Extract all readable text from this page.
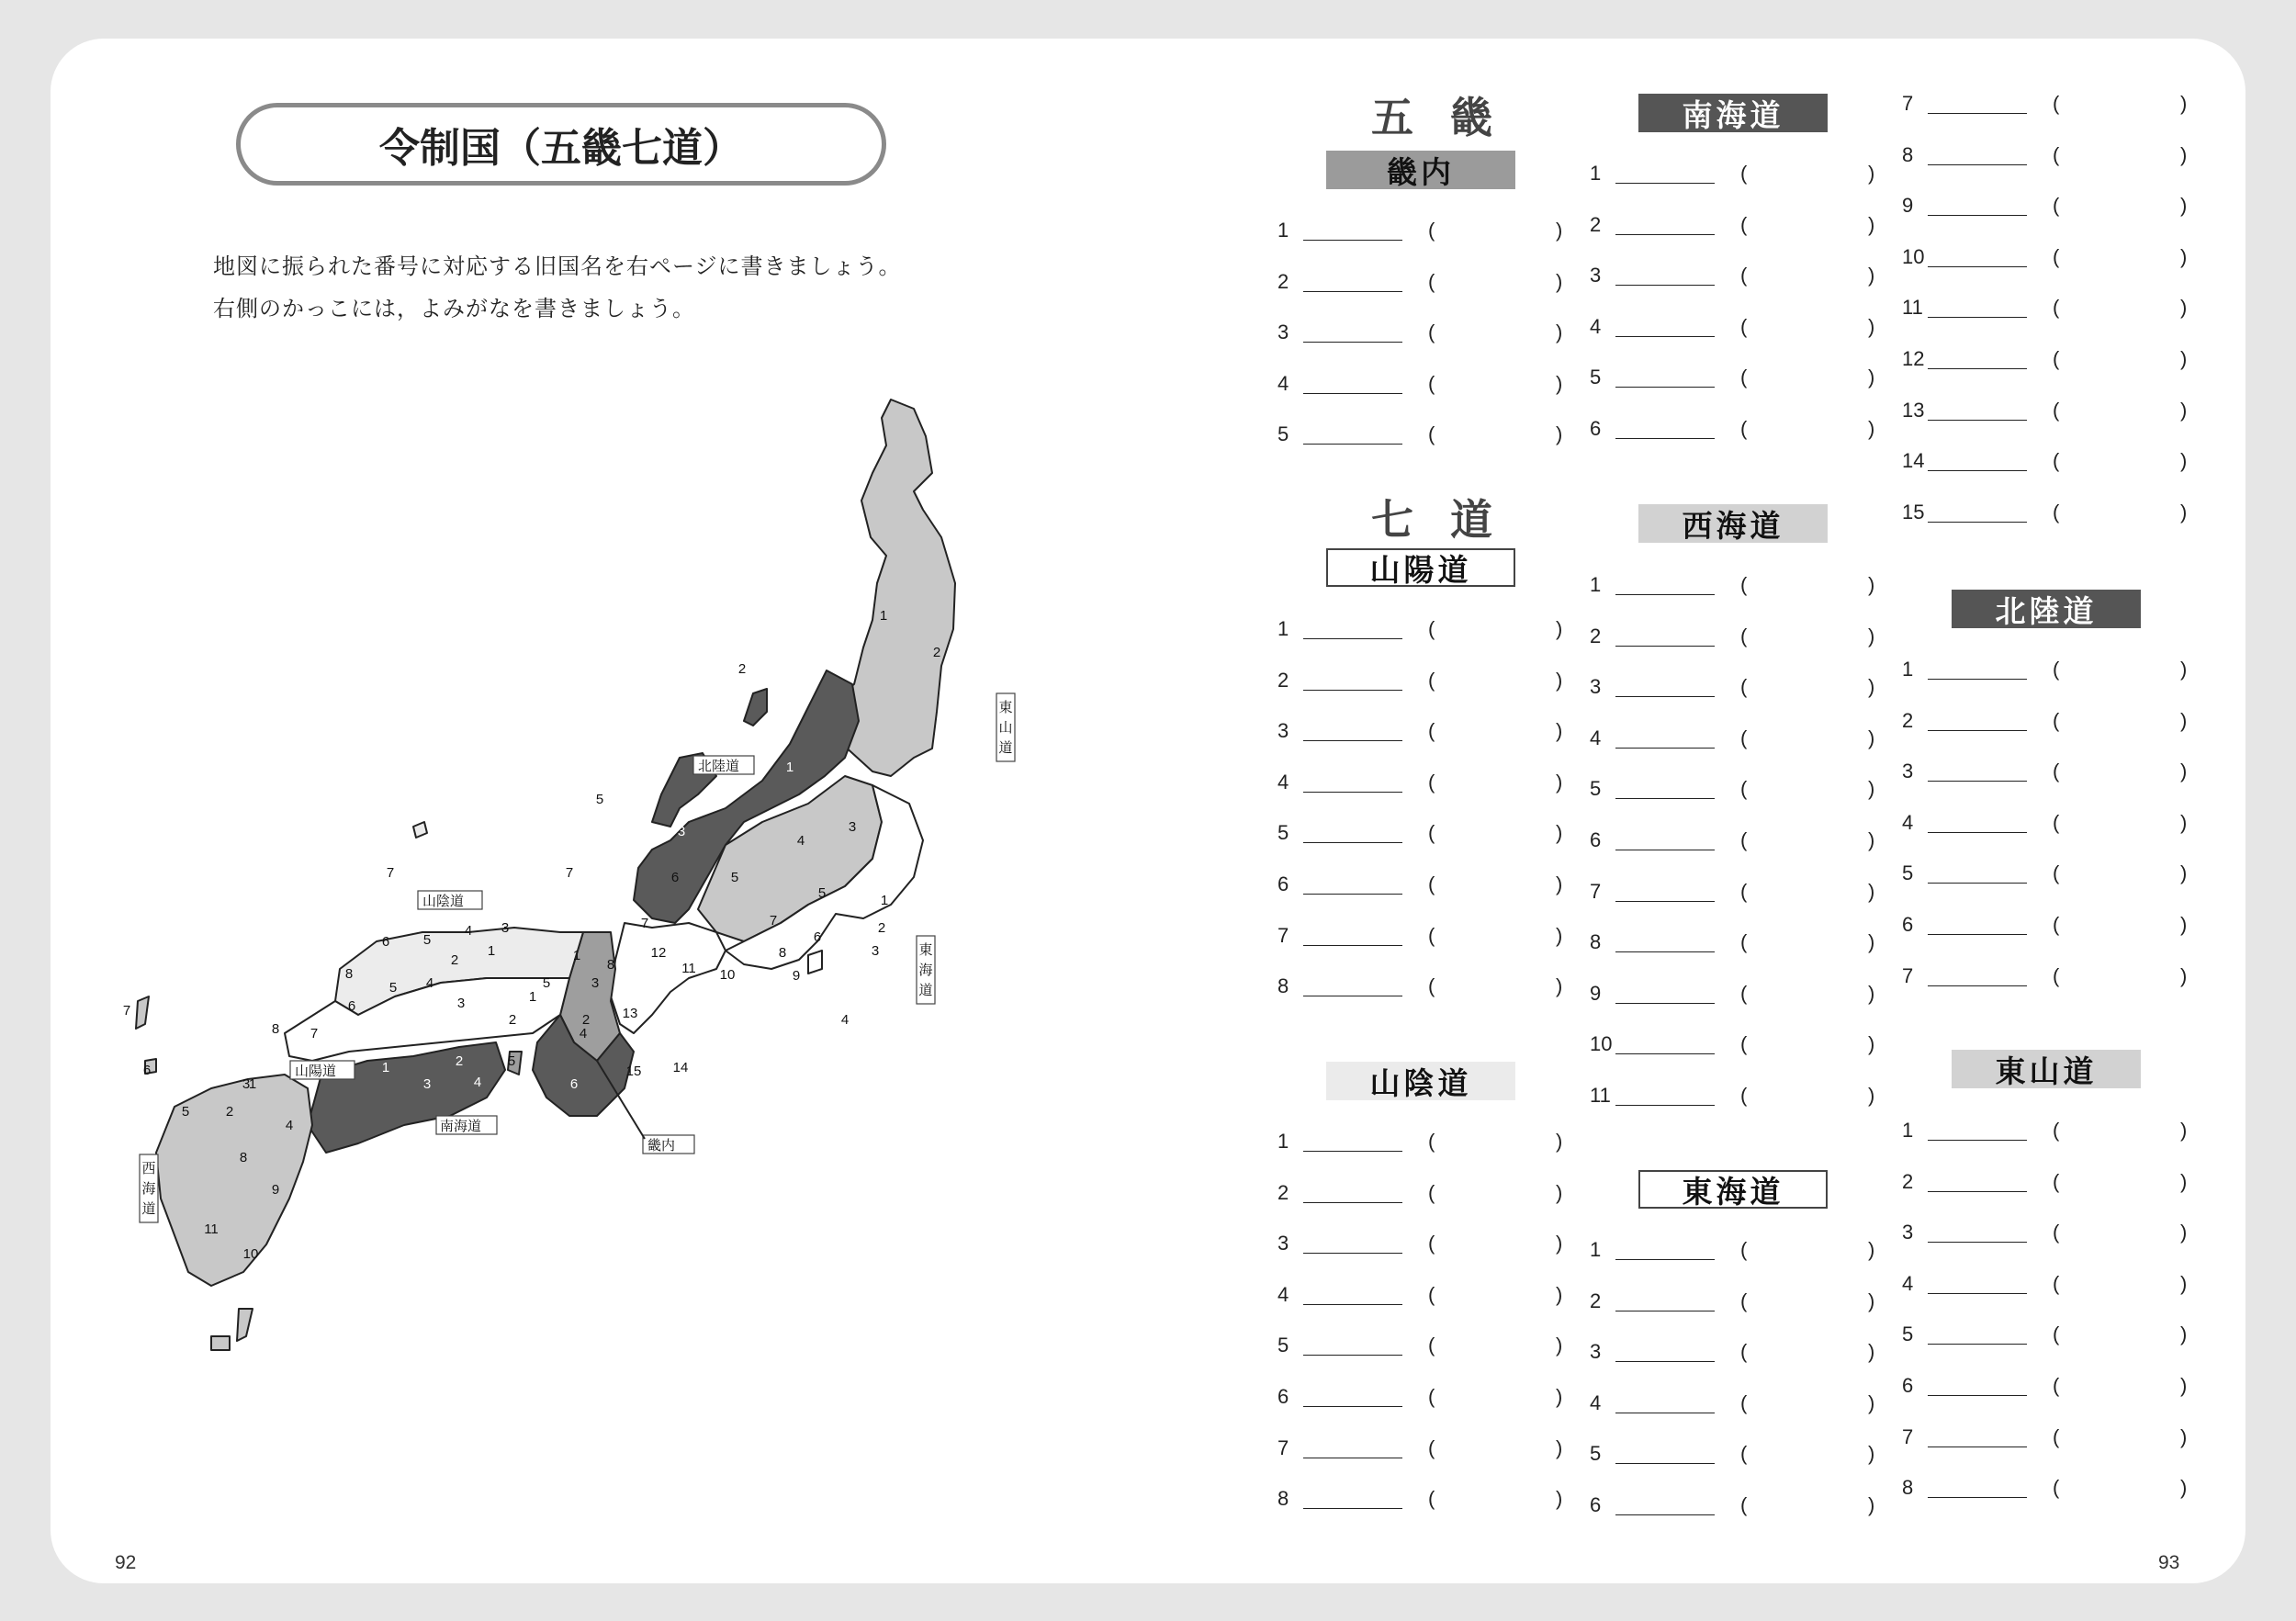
令制国（五畿七道）
地図に振られた番号に対応する旧国名を右ページに書きましょう。
右側のかっこには，よみがなを書きましょう。
東
山
道
東
海
道
西
海
道
北陸道
山陰道
山陽道
南海道
畿内
1
2
3
4
5
6
7
8
1
2
3
4
5
6
7
1
2
3
4
5
1
2
3
4
5
6
7
8
1
2
3
4
5
6
7
8
1	2
3	4
5
6
1
2
3
4
5
6
7
8
9
10
11
1
2
3
4
5
6
7
8
9
10
11
12
13
14
15
92	93
五 畿
畿内
七 道
山陽道
山陰道
南海道
西海道
東海道
北陸道
東山道
1	(	)
2	(	)
3	(	)
4	(	)
5	(	)
1	(	)
2	(	)
3	(	)
4	(	)
5	(	)
6	(	)
7	(	)
8	(	)
1	(	)
2	(	)
3	(	)
4	(	)
5	(	)
6	(	)
7	(	)
8	(	)
1	(	)
2	(	)
3	(	)
4	(	)
5	(	)
6	(	)
1	(	)
2	(	)
3	(	)
4	(	)
5	(	)
6	(	)
7	(	)
8	(	)
9	(	)
10	(	)
11	(	)
1	(	)
2	(	)
3	(	)
4	(	)
5	(	)
6	(	)
7	(	)
8	(	)
9	(	)
10	(	)
11	(	)
12	(	)
13	(	)
14	(	)
15	(	)
1	(	)
2	(	)
3	(	)
4	(	)
5	(	)
6	(	)
7	(	)
1	(	)
2	(	)
3	(	)
4	(	)
5	(	)
6	(	)
7	(	)
8	(	)
